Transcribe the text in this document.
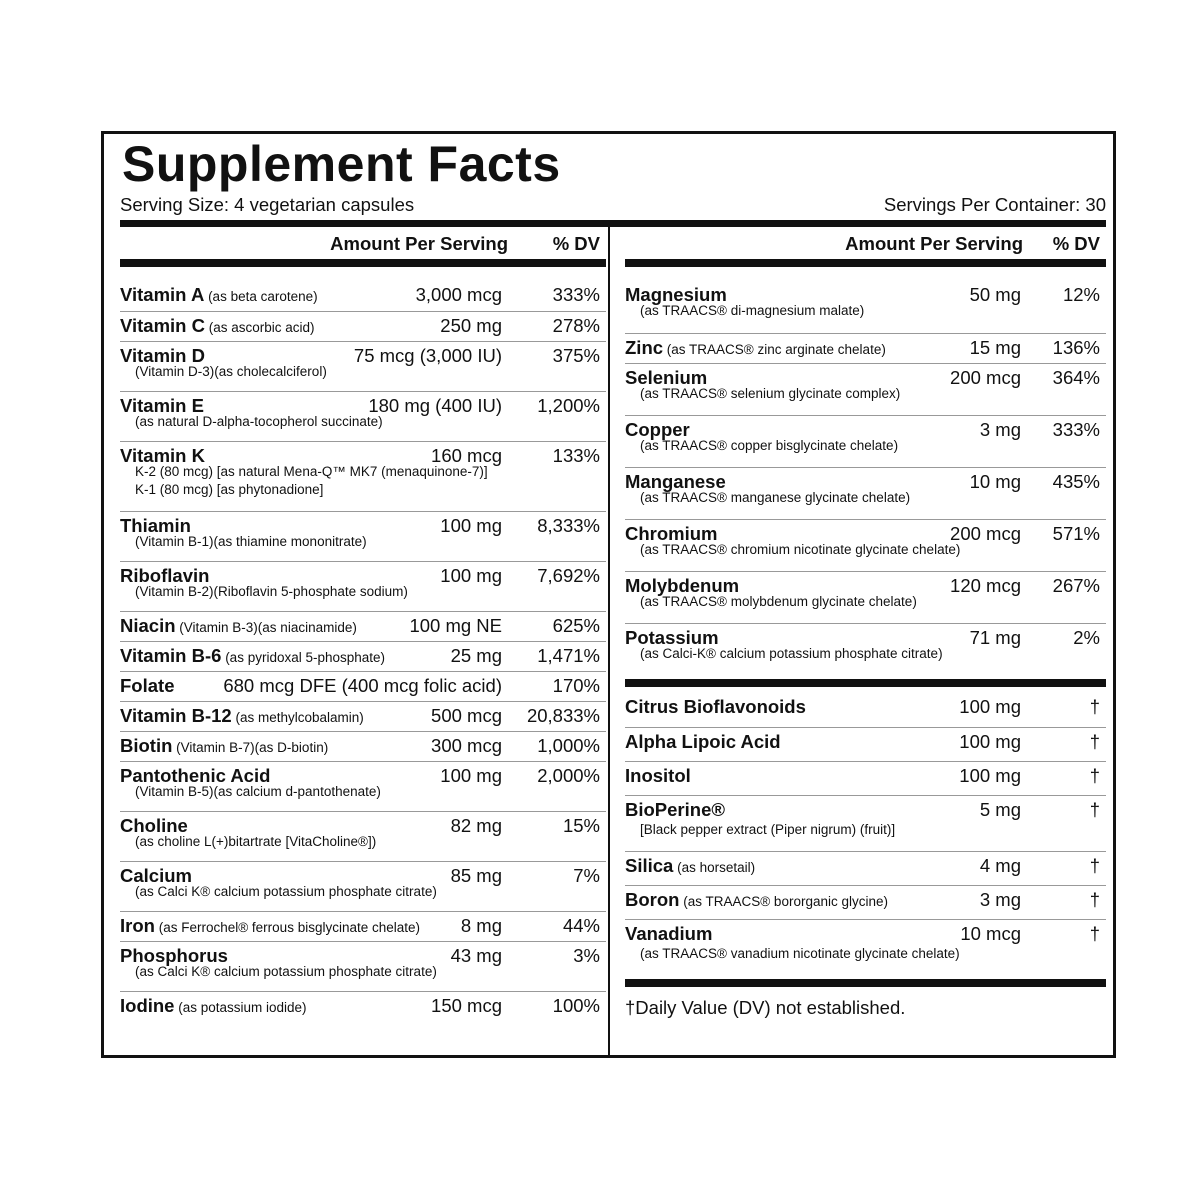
Supplement Facts
Serving Size: 4 vegetarian capsules	Servings Per Container: 30
Amount Per Serving % DV
Vitamin A (as beta carotene)	3,000 mcg	333%
Vitamin C (as ascorbic acid)	250 mg	278%
Vitamin D	75 mcg (3,000 IU)	375%
(Vitamin D-3)(as cholecalciferol)
Vitamin E	180 mg (400 IU) 1,200%
(as natural D-alpha-tocopherol succinate)
Vitamin K	160 mcg	133%
K-2 (80 mcg) [as natural Mena-Q™ MK7 (menaquinone-7)]
K-1 (80 mcg) [as phytonadione]
Thiamin	100 mg 8,333%
(Vitamin B-1)(as thiamine mononitrate)
Riboflavin	100 mg 7,692%
(Vitamin B-2)(Riboflavin 5-phosphate sodium)
Niacin (Vitamin B-3)(as niacinamide)	100 mg NE	625%
Vitamin B-6 (as pyridoxal 5-phosphate)	25 mg 1,471%
Folate	680 mcg DFE (400 mcg folic acid)	170%
Vitamin B-12 (as methylcobalamin)	500 mcg 20,833%
Biotin (Vitamin B-7)(as D-biotin)	300 mcg 1,000%
Pantothenic Acid	100 mg 2,000%
(Vitamin B-5)(as calcium d-pantothenate)
Choline	82 mg	15%
(as choline L(+)bitartrate [VitaCholine®])
Calcium	85 mg	7%
(as Calci K® calcium potassium phosphate citrate)
Iron (as Ferrochel® ferrous bisglycinate chelate) 8 mg	44%
Phosphorus	43 mg	3%
(as Calci K® calcium potassium phosphate citrate)
Iodine (as potassium iodide)	150 mcg	100%
Amount Per Serving % DV
Magnesium	50 mg 12%
(as TRAACS® di-magnesium malate)
Zinc (as TRAACS® zinc arginate chelate)	15 mg 136%
Selenium	200 mcg 364%
(as TRAACS® selenium glycinate complex)
Copper	3 mg 333%
(as TRAACS® copper bisglycinate chelate)
Manganese	10 mg 435%
(as TRAACS® manganese glycinate chelate)
Chromium	200 mcg 571%
(as TRAACS® chromium nicotinate glycinate chelate)
Molybdenum	120 mcg 267%
(as TRAACS® molybdenum glycinate chelate)
Potassium	71 mg	2%
(as Calci-K® calcium potassium phosphate citrate)
Citrus Bioflavonoids	100 mg	†
Alpha Lipoic Acid	100 mg	†
Inositol	100 mg	†
BioPerine®	5 mg	†
[Black pepper extract (Piper nigrum) (fruit)]
Silica (as horsetail)	4 mg	†
Boron (as TRAACS® bororganic glycine)	3 mg	†
Vanadium	10 mcg	†
(as TRAACS® vanadium nicotinate glycinate chelate)
†Daily Value (DV) not established.
